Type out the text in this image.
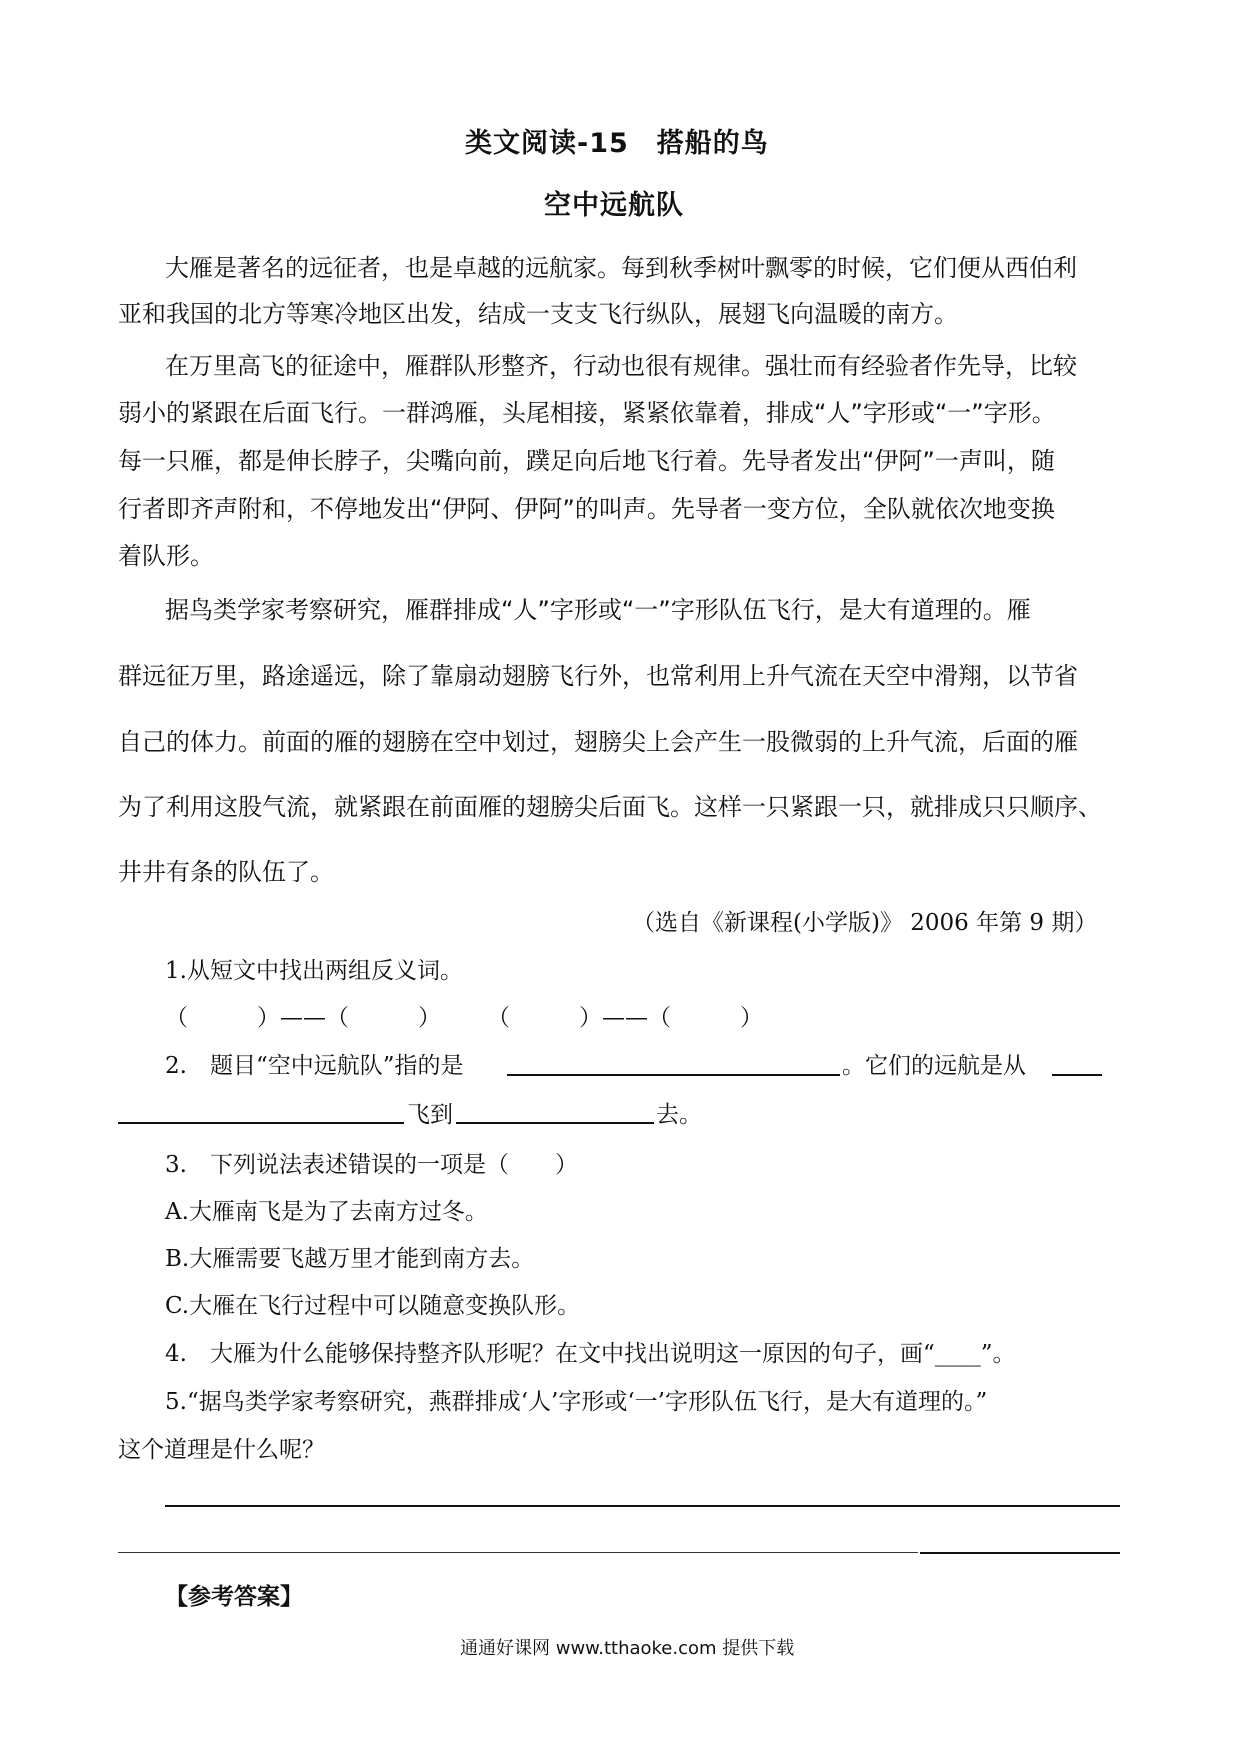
类文阅读-15　搭船的鸟
空中远航队
大雁是著名的远征者，也是卓越的远航家。每到秋季树叶飘零的时候，它们便从西伯利
亚和我国的北方等寒冷地区出发，结成一支支飞行纵队，展翅飞向温暖的南方。
在万里高飞的征途中，雁群队形整齐，行动也很有规律。强壮而有经验者作先导，比较
弱小的紧跟在后面飞行。一群鸿雁，头尾相接，紧紧依靠着，排成“人”字形或“一”字形。
每一只雁，都是伸长脖子，尖嘴向前，蹼足向后地飞行着。先导者发出“伊阿”一声叫，随
行者即齐声附和，不停地发出“伊阿、伊阿”的叫声。先导者一变方位，全队就依次地变换
着队形。
据鸟类学家考察研究，雁群排成“人”字形或“一”字形队伍飞行，是大有道理的。雁
群远征万里，路途遥远，除了靠扇动翅膀飞行外，也常利用上升气流在天空中滑翔，以节省
自己的体力。前面的雁的翅膀在空中划过，翅膀尖上会产生一股微弱的上升气流，后面的雁
为了利用这股气流，就紧跟在前面雁的翅膀尖后面飞。这样一只紧跟一只，就排成只只顺序、
井井有条的队伍了。
（选自《新课程(小学版)》 2006 年第 9 期）
1.从短文中找出两组反义词。
（　　　）——（　　　）　　　（　　　）——（　　　）
2.　题目“空中远航队”指的是	。它们的远航是从
飞到	去。
3.　下列说法表述错误的一项是（　　）
A.大雁南飞是为了去南方过冬。
B.大雁需要飞越万里才能到南方去。
C.大雁在飞行过程中可以随意变换队形。
4.　大雁为什么能够保持整齐队形呢？在文中找出说明这一原因的句子，画“____”。
5.“据鸟类学家考察研究，燕群排成‘人’字形或‘一’字形队伍飞行，是大有道理的。”
这个道理是什么呢？
【参考答案】
通通好课网 www.tthaoke.com 提供下载
